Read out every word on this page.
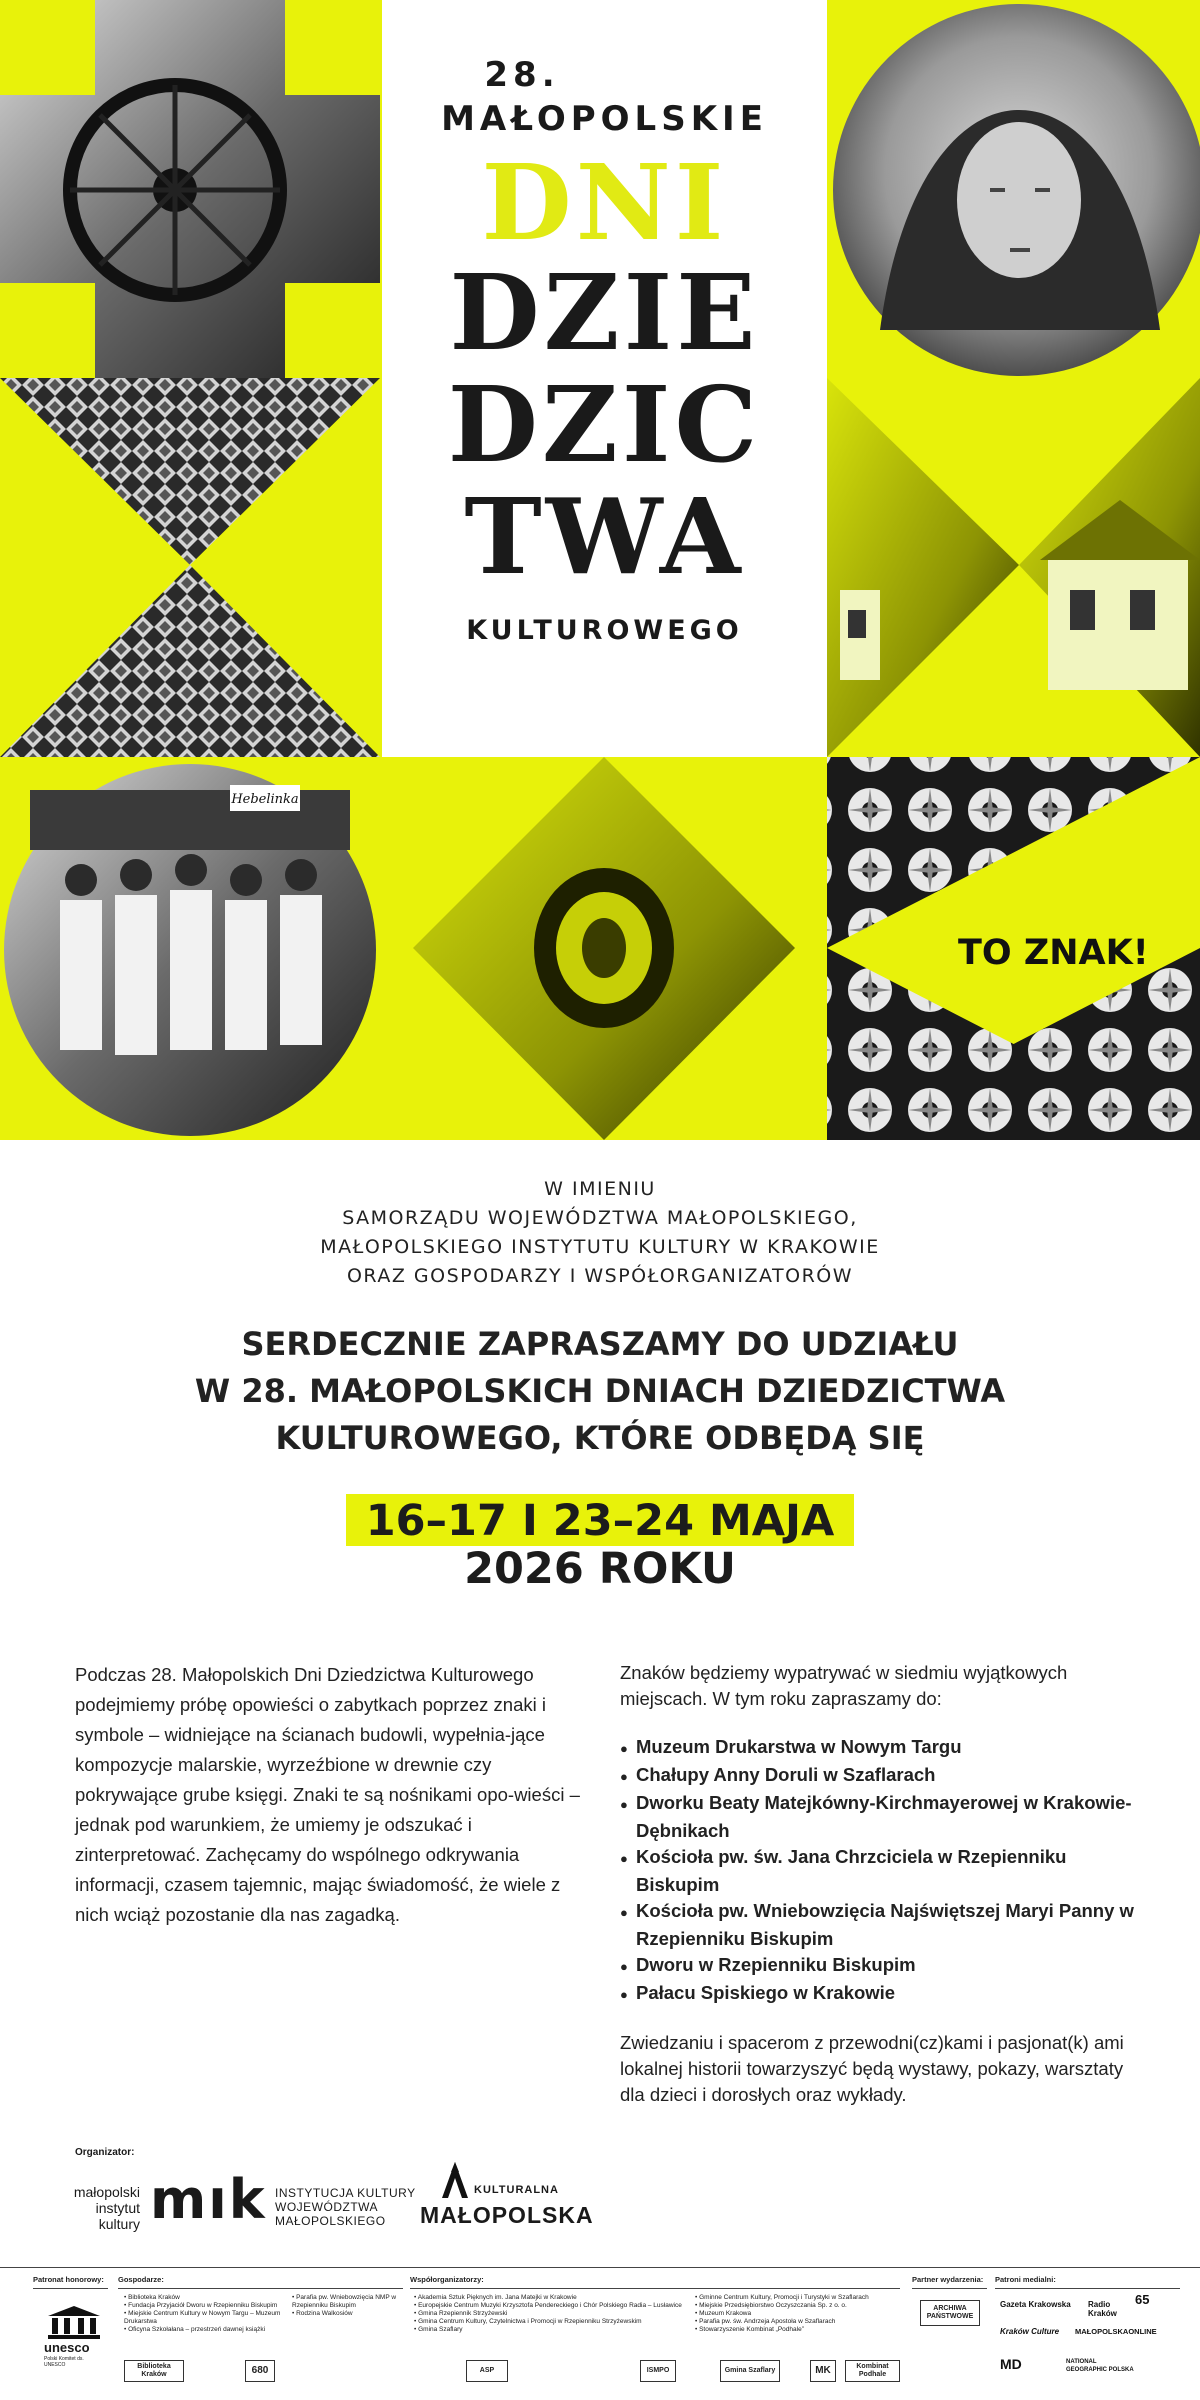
Hebelinka
28.
MAŁOPOLSKIE
DNI
DZIE
DZIC
TWA
KULTUROWEGO
TO ZNAK!
W IMIENIU
SAMORZĄDU WOJEWÓDZTWA MAŁOPOLSKIEGO,
MAŁOPOLSKIEGO INSTYTUTU KULTURY W KRAKOWIE
ORAZ GOSPODARZY I WSPÓŁORGANIZATORÓW
SERDECZNIE ZAPRASZAMY DO UDZIAŁU
W 28. MAŁOPOLSKICH DNIACH DZIEDZICTWA
KULTUROWEGO, KTÓRE ODBĘDĄ SIĘ
16–17 I 23–24 MAJA
2026 ROKU

Podczas 28. Małopolskich Dni Dziedzictwa Kulturowego podejmiemy próbę opowieści o zabytkach poprzez znaki i symbole – widniejące na ścianach budowli, wypełnia-jące kompozycje malarskie, wyrzeźbione w drewnie czy pokrywające grube księgi. Znaki te są nośnikami opo-wieści – jednak pod warunkiem, że umiemy je odszukać i zinterpretować. Zachęcamy do wspólnego odkrywania informacji, czasem tajemnic, mając świadomość, że wiele z nich wciąż pozostanie dla nas zagadką.

Znaków będziemy wypatrywać w siedmiu wyjątkowych miejscach. W tym roku zapraszamy do:

● Muzeum Drukarstwa w Nowym Targu
● Chałupy Anny Doruli w Szaflarach
● Dworku Beaty Matejkówny-Kirchmayerowej w Krakowie-Dębnikach
● Kościoła pw. św. Jana Chrzciciela w Rzepienniku Biskupim
● Kościoła pw. Wniebowzięcia Najświętszej Maryi Panny w Rzepienniku Biskupim
● Dworu w Rzepienniku Biskupim
● Pałacu Spiskiego w Krakowie

Zwiedzaniu i spacerom z przewodni(cz)kami i pasjonat(k) ami lokalnej historii towarzyszyć będą wystawy, pokazy, warsztaty dla dzieci i dorosłych oraz wykłady.

Organizator:
małopolski
instytut
kultury mık INSTYTUCJA KULTURY
WOJEWÓDZTWA
MAŁOPOLSKIEGO
KULTURALNA
MAŁOPOLSKA
Patronat honorowy: Gospodarze:
• Biblioteka Kraków
• Fundacja Przyjaciół Dworu w Rzepienniku Biskupim
• Miejskie Centrum Kultury w Nowym Targu – Muzeum Drukarstwa
• Oficyna Szkołałana – przestrzeń dawnej książki
• Parafia pw. Wniebowzięcia NMP w Rzepienniku Biskupim
• Rodzina Walkosiów
Współorganizatorzy:
• Akademia Sztuk Pięknych im. Jana Matejki w Krakowie
• Europejskie Centrum Muzyki Krzysztofa Pendereckiego i Chór Polskiego Radia – Lusławice
• Gmina Rzepiennik Strzyżewski
• Gmina Centrum Kultury, Czytelnictwa i Promocji w Rzepienniku Strzyżewskim
• Gmina Szaflary
• Gminne Centrum Kultury, Promocji i Turystyki w Szaflarach
• Miejskie Przedsiębiorstwo Oczyszczania Sp. z o. o.
• Muzeum Krakowa
• Parafia pw. św. Andrzeja Apostoła w Szaflarach
• Stowarzyszenie Kombinat „Podhale”
Partner wydarzenia: Patroni medialni:
Biblioteka Kraków	680	ISMPO
ASP	Gmina Szaflary	MK	Kombinat Podhale
ARCHIWA PAŃSTWOWE
Gazeta Krakowska Radio Kraków
65
Kraków Culture MAŁOPOLSKAONLINE
MD	NATIONAL GEOGRAPHIC POLSKA
unesco
Polski Komitet ds. UNESCO
